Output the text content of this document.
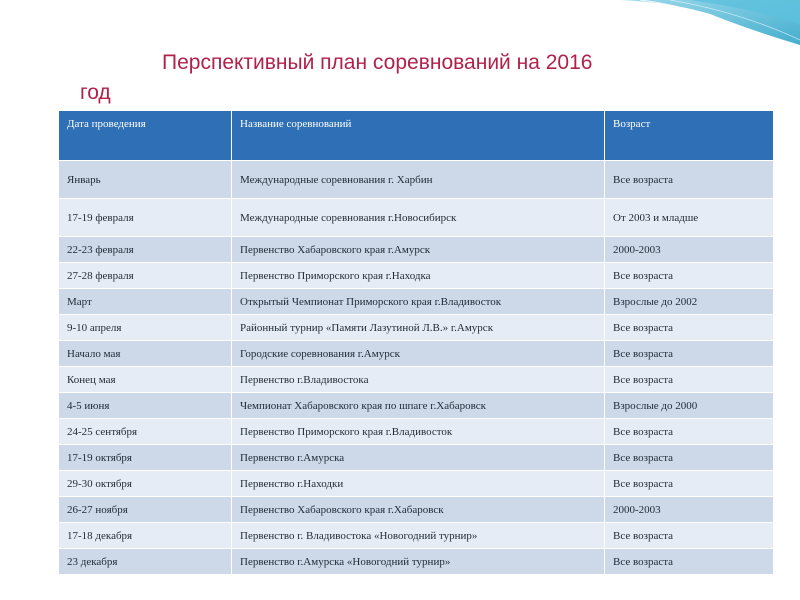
Перспективный план соревнований на 2016
год
Дата проведения	Название соревнований	Возраст
Январь	Международные соревнования г. Харбин	Все возраста
17-19 февраля	Международные соревнования г.Новосибирск	От 2003 и младше
22-23 февраля	Первенство Хабаровского края г.Амурск	2000-2003
27-28 февраля	Первенство Приморского края г.Находка	Все возраста
Март	Открытый Чемпионат Приморского края г.Владивосток	Взрослые до 2002
9-10 апреля	Районный турнир «Памяти Лазутиной Л.В.» г.Амурск	Все возраста
Начало мая	Городские соревнования г.Амурск	Все возраста
Конец мая	Первенство г.Владивостока	Все возраста
4-5 июня	Чемпионат Хабаровского края по шпаге г.Хабаровск	Взрослые до 2000
24-25 сентября	Первенство Приморского края г.Владивосток	Все возраста
17-19 октября	Первенство г.Амурска	Все возраста
29-30 октября	Первенство г.Находки	Все возраста
26-27 ноября	Первенство Хабаровского края г.Хабаровск	2000-2003
17-18 декабря	Первенство г. Владивостока «Новогодний турнир»	Все возраста
23 декабря	Первенство г.Амурска «Новогодний турнир»	Все возраста
